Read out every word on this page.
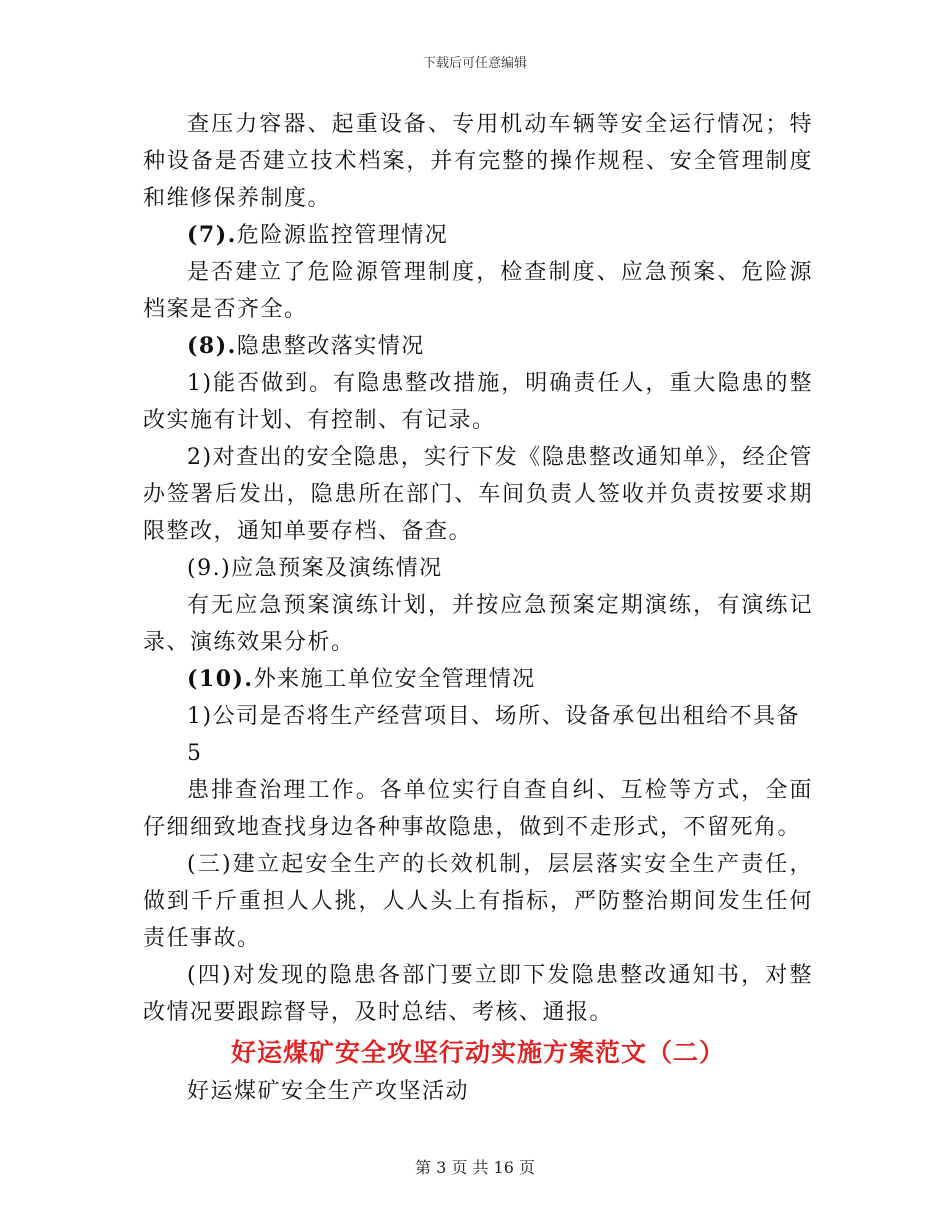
下载后可任意编辑

查压力容器、起重设备、专用机动车辆等安全运行情况；特种设备是否建立技术档案，并有完整的操作规程、安全管理制度和维修保养制度。

(7).危险源监控管理情况

是否建立了危险源管理制度，检查制度、应急预案、危险源档案是否齐全。

(8).隐患整改落实情况

1)能否做到。有隐患整改措施，明确责任人，重大隐患的整改实施有计划、有控制、有记录。

2)对查出的安全隐患，实行下发《隐患整改通知单》，经企管办签署后发出，隐患所在部门、车间负责人签收并负责按要求期限整改，通知单要存档、备查。

(9.)应急预案及演练情况

有无应急预案演练计划，并按应急预案定期演练，有演练记录、演练效果分析。

(10).外来施工单位安全管理情况

1)公司是否将生产经营项目、场所、设备承包出租给不具备

5

患排查治理工作。各单位实行自查自纠、互检等方式，全面仔细细致地查找身边各种事故隐患，做到不走形式，不留死角。

(三)建立起安全生产的长效机制，层层落实安全生产责任，做到千斤重担人人挑，人人头上有指标，严防整治期间发生任何责任事故。

(四)对发现的隐患各部门要立即下发隐患整改通知书，对整改情况要跟踪督导，及时总结、考核、通报。

好运煤矿安全攻坚行动实施方案范文（二）

好运煤矿安全生产攻坚活动

第 3 页 共 16 页
